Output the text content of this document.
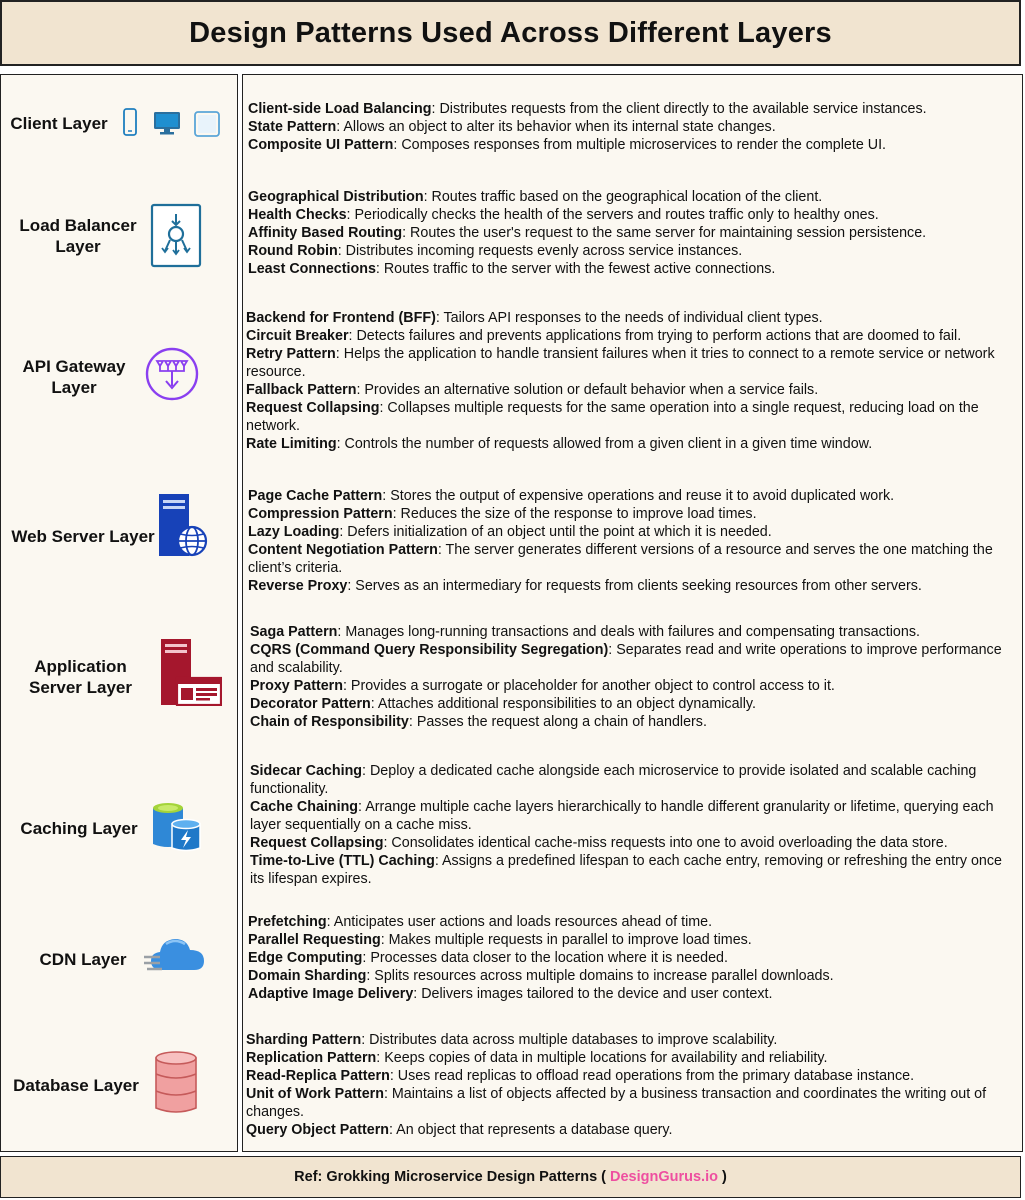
Design Patterns Used Across Different Layers
Client Layer
Load Balancer Layer
API Gateway Layer
Web Server Layer
Application Server Layer
Caching Layer
CDN Layer
Database Layer

Client-side Load Balancing: Distributes requests from the client directly to the available service instances.

State Pattern: Allows an object to alter its behavior when its internal state changes.

Composite UI Pattern: Composes responses from multiple microservices to render the complete UI.

Geographical Distribution: Routes traffic based on the geographical location of the client.

Health Checks: Periodically checks the health of the servers and routes traffic only to healthy ones.

Affinity Based Routing: Routes the user's request to the same server for maintaining session persistence.

Round Robin: Distributes incoming requests evenly across service instances.

Least Connections: Routes traffic to the server with the fewest active connections.

Backend for Frontend (BFF): Tailors API responses to the needs of individual client types.

Circuit Breaker: Detects failures and prevents applications from trying to perform actions that are doomed to fail.

Retry Pattern: Helps the application to handle transient failures when it tries to connect to a remote service or network resource.

Fallback Pattern: Provides an alternative solution or default behavior when a service fails.

Request Collapsing: Collapses multiple requests for the same operation into a single request, reducing load on the network.

Rate Limiting: Controls the number of requests allowed from a given client in a given time window.

Page Cache Pattern: Stores the output of expensive operations and reuse it to avoid duplicated work.

Compression Pattern: Reduces the size of the response to improve load times.

Lazy Loading: Defers initialization of an object until the point at which it is needed.

Content Negotiation Pattern: The server generates different versions of a resource and serves the one matching the client’s criteria.

Reverse Proxy: Serves as an intermediary for requests from clients seeking resources from other servers.

Saga Pattern: Manages long-running transactions and deals with failures and compensating transactions.

CQRS (Command Query Responsibility Segregation): Separates read and write operations to improve performance and scalability.

Proxy Pattern: Provides a surrogate or placeholder for another object to control access to it.

Decorator Pattern: Attaches additional responsibilities to an object dynamically.

Chain of Responsibility: Passes the request along a chain of handlers.

Sidecar Caching: Deploy a dedicated cache alongside each microservice to provide isolated and scalable caching functionality.

Cache Chaining: Arrange multiple cache layers hierarchically to handle different granularity or lifetime, querying each layer sequentially on a cache miss.

Request Collapsing: Consolidates identical cache-miss requests into one to avoid overloading the data store.

Time-to-Live (TTL) Caching: Assigns a predefined lifespan to each cache entry, removing or refreshing the entry once its lifespan expires.

Prefetching: Anticipates user actions and loads resources ahead of time.

Parallel Requesting: Makes multiple requests in parallel to improve load times.

Edge Computing: Processes data closer to the location where it is needed.

Domain Sharding: Splits resources across multiple domains to increase parallel downloads.

Adaptive Image Delivery: Delivers images tailored to the device and user context.

Sharding Pattern: Distributes data across multiple databases to improve scalability.

Replication Pattern: Keeps copies of data in multiple locations for availability and reliability.

Read-Replica Pattern: Uses read replicas to offload read operations from the primary database instance.

Unit of Work Pattern: Maintains a list of objects affected by a business transaction and coordinates the writing out of changes.

Query Object Pattern: An object that represents a database query.

Ref: Grokking Microservice Design Patterns ( DesignGurus.io )
